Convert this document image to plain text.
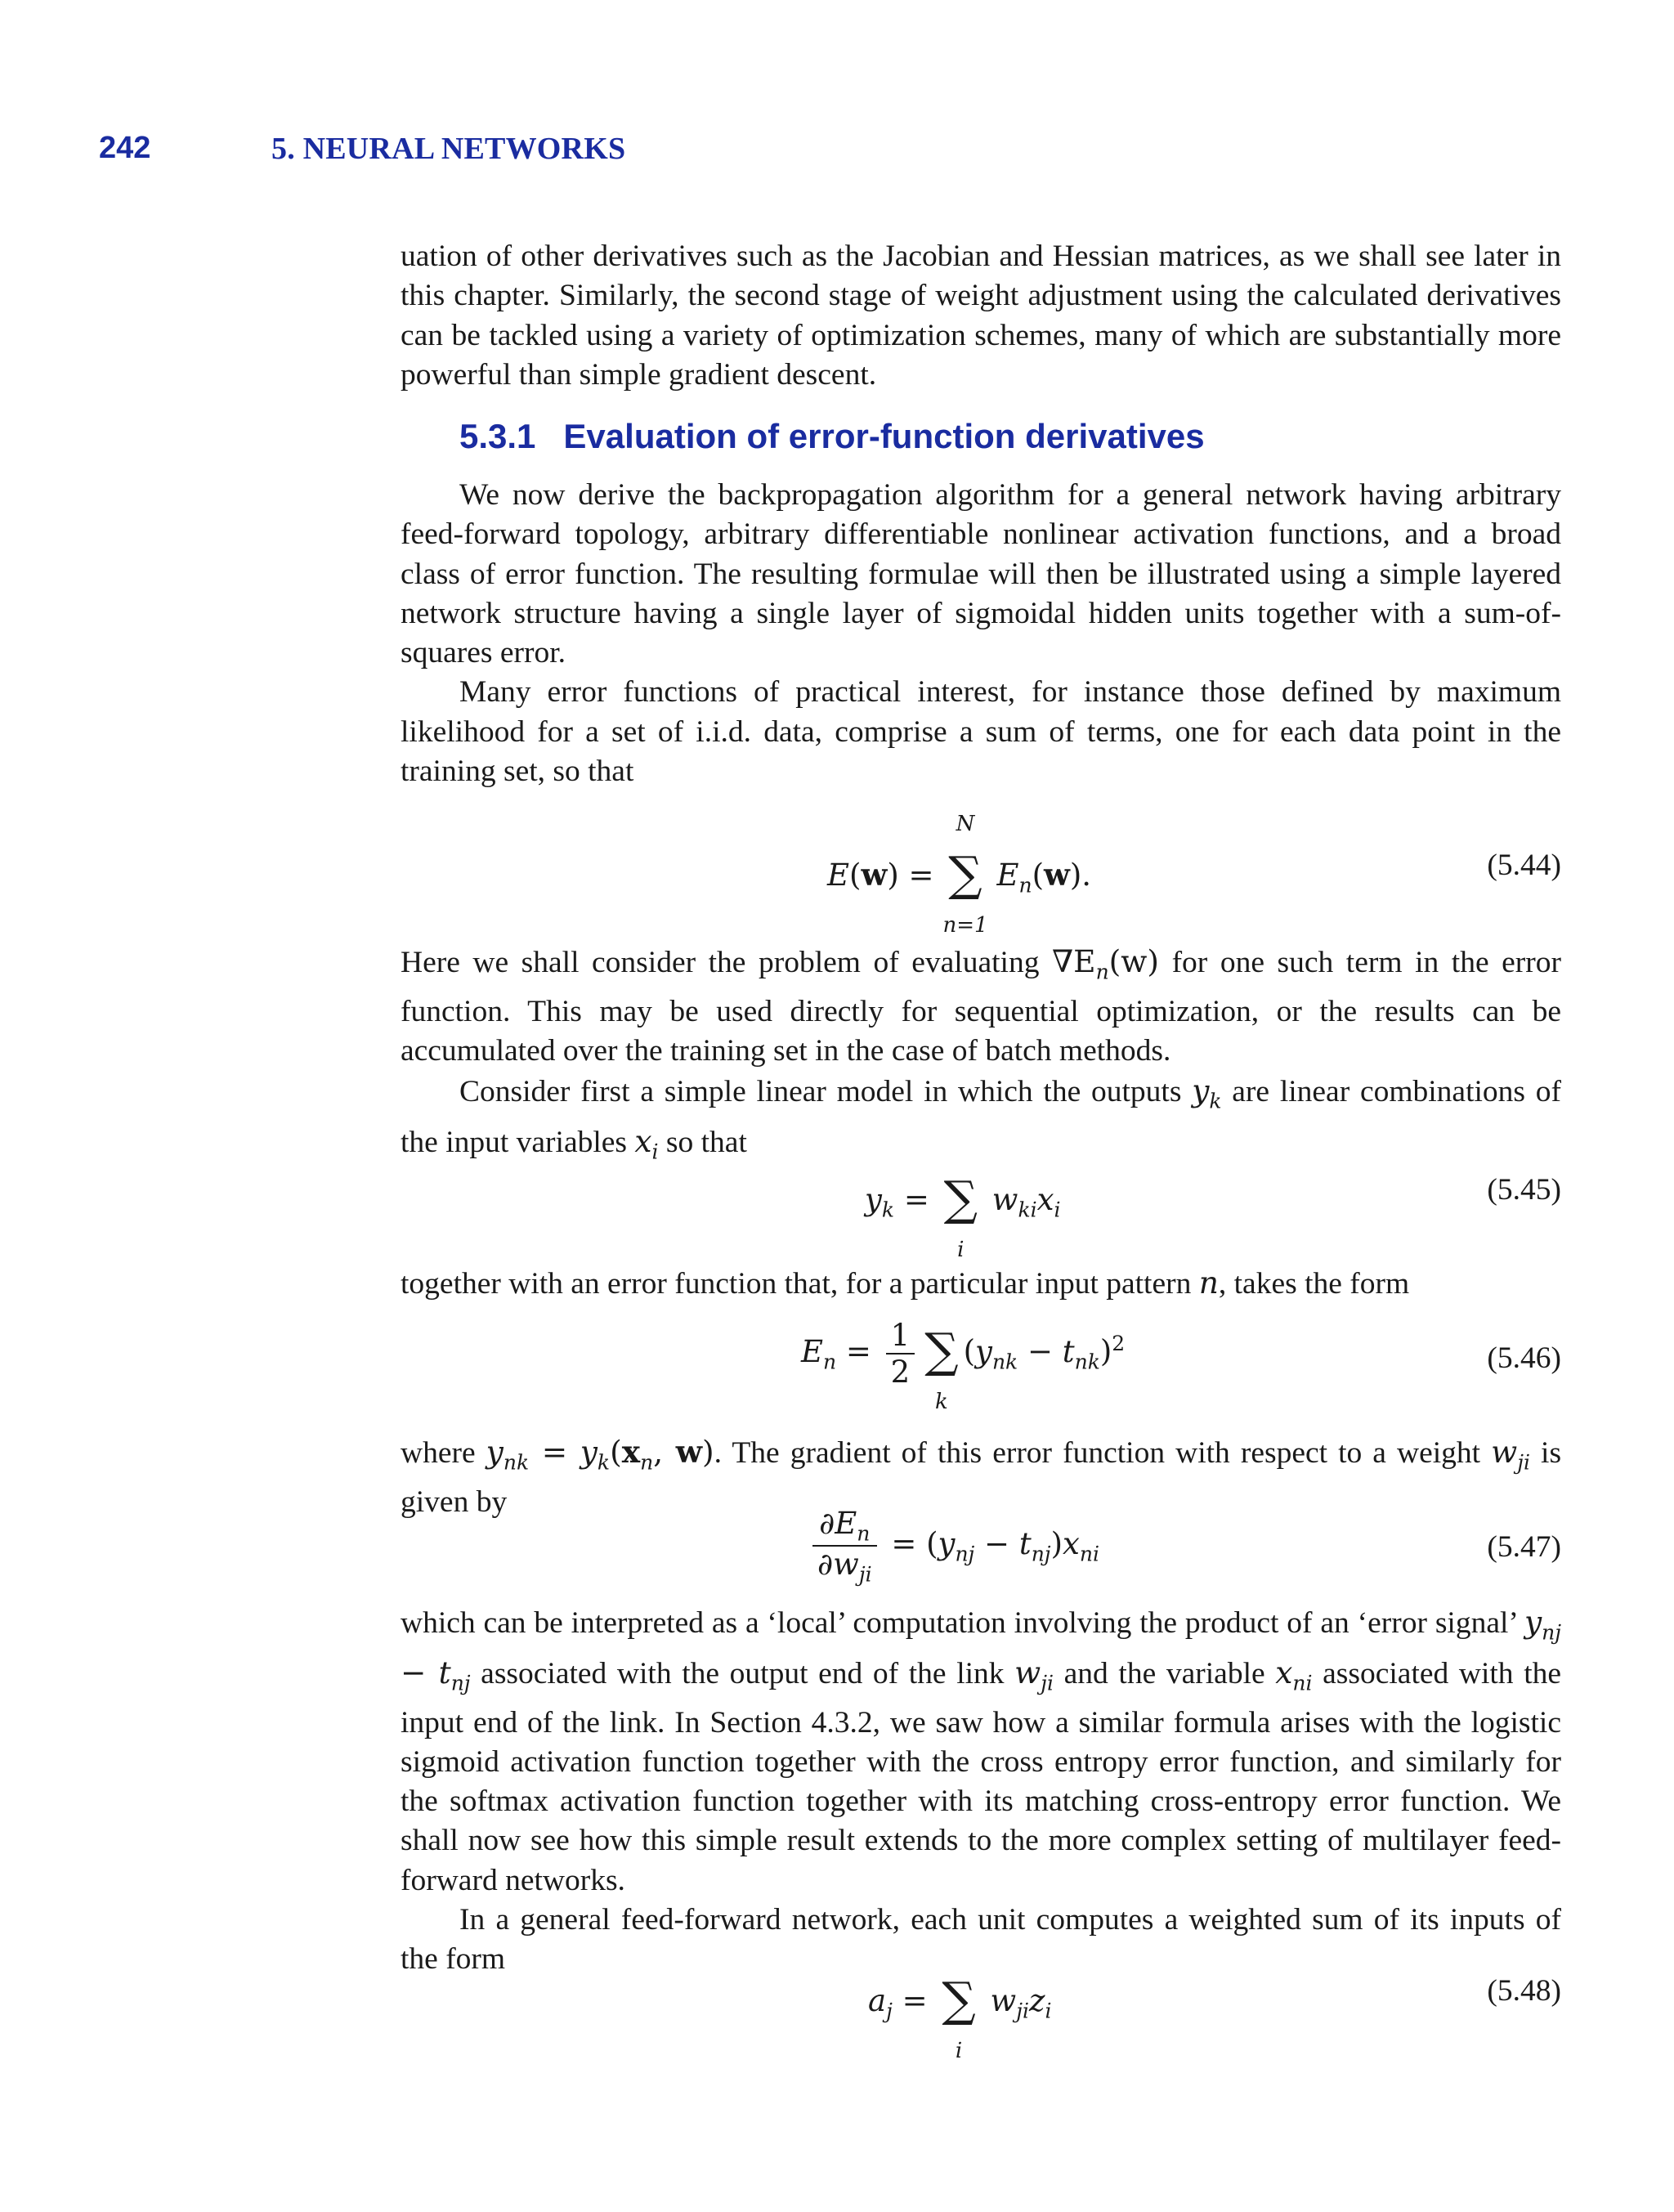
242	5. NEURAL NETWORKS

uation of other derivatives such as the Jacobian and Hessian matrices, as we shall see later in this chapter. Similarly, the second stage of weight adjustment using the calculated derivatives can be tackled using a variety of optimization schemes, many of which are substantially more powerful than simple gradient descent.

5.3.1 Evaluation of error-function derivatives

We now derive the backpropagation algorithm for a general network having arbitrary feed-forward topology, arbitrary differentiable nonlinear activation functions, and a broad class of error function. The resulting formulae will then be illustrated using a simple layered network structure having a single layer of sigmoidal hidden units together with a sum-of-squares error.

Many error functions of practical interest, for instance those defined by maximum likelihood for a set of i.i.d. data, comprise a sum of terms, one for each data point in the training set, so that

E(w) = ∑
N
n=1
$E_n(w)$.	(5.44)

Here we shall consider the problem of evaluating $\nabla E_n(w)$ for one such term in the error function. This may be used directly for sequential optimization, or the results can be accumulated over the training set in the case of batch methods.

Consider first a simple linear model in which the outputs $y_k$ are linear combinations of the input variables $x_i$ so that

$y_k$ = ∑
i
$w_{ki}x_i$
(5.45)

together with an error function that, for a particular input pattern n, takes the form

$E_n = \frac{1}{2}$ ∑
k
$(y_{nk} - t_{nk})^2$	(5.46)

where $y_{nk} = y_k(x_n$, w). The gradient of this error function with respect to a weight $w_{ji}$ is given by

$\frac{\partial E_n}{\partial w_{ji}} = (y_{nj} - t_{nj})x_{ni}$	(5.47)

which can be interpreted as a ‘local’ computation involving the product of an ‘error signal’ $y_{nj} - t_{nj}$ associated with the output end of the link $w_{ji}$ and the variable $x_{ni}$ associated with the input end of the link. In Section 4.3.2, we saw how a similar formula arises with the logistic sigmoid activation function together with the cross entropy error function, and similarly for the softmax activation function together with its matching cross-entropy error function. We shall now see how this simple result extends to the more complex setting of multilayer feed-forward networks.

In a general feed-forward network, each unit computes a weighted sum of its inputs of the form

$a_j$ = ∑
i
$w_{ji}z_i$
(5.48)
